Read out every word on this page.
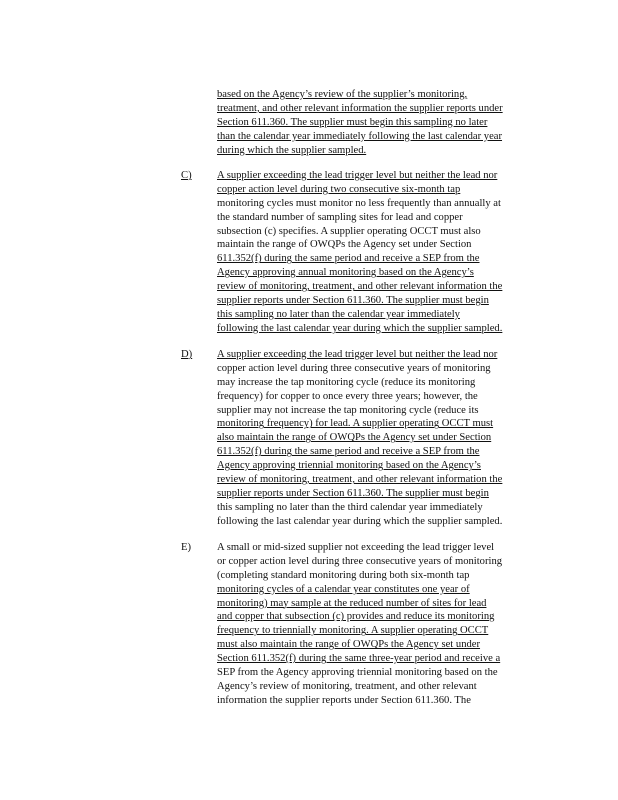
based on the Agency’s review of the supplier’s monitoring,
treatment, and other relevant information the supplier reports under
Section 611.360. The supplier must begin this sampling no later
than the calendar year immediately following the last calendar year
during which the supplier sampled.
C) A supplier exceeding the lead trigger level but neither the lead nor
copper action level during two consecutive six-month tap
monitoring cycles must monitor no less frequently than annually at
the standard number of sampling sites for lead and copper
subsection (c) specifies. A supplier operating OCCT must also
maintain the range of OWQPs the Agency set under Section
611.352(f) during the same period and receive a SEP from the
Agency approving annual monitoring based on the Agency’s
review of monitoring, treatment, and other relevant information the
supplier reports under Section 611.360. The supplier must begin
this sampling no later than the calendar year immediately
following the last calendar year during which the supplier sampled.
D) A supplier exceeding the lead trigger level but neither the lead nor
copper action level during three consecutive years of monitoring
may increase the tap monitoring cycle (reduce its monitoring
frequency) for copper to once every three years; however, the
supplier may not increase the tap monitoring cycle (reduce its
monitoring frequency) for lead. A supplier operating OCCT must
also maintain the range of OWQPs the Agency set under Section
611.352(f) during the same period and receive a SEP from the
Agency approving triennial monitoring based on the Agency’s
review of monitoring, treatment, and other relevant information the
supplier reports under Section 611.360. The supplier must begin
this sampling no later than the third calendar year immediately
following the last calendar year during which the supplier sampled.
E) A small or mid-sized supplier not exceeding the lead trigger level
or copper action level during three consecutive years of monitoring
(completing standard monitoring during both six-month tap
monitoring cycles of a calendar year constitutes one year of
monitoring) may sample at the reduced number of sites for lead
and copper that subsection (c) provides and reduce its monitoring
frequency to triennially monitoring. A supplier operating OCCT
must also maintain the range of OWQPs the Agency set under
Section 611.352(f) during the same three-year period and receive a
SEP from the Agency approving triennial monitoring based on the
Agency’s review of monitoring, treatment, and other relevant
information the supplier reports under Section 611.360. The
